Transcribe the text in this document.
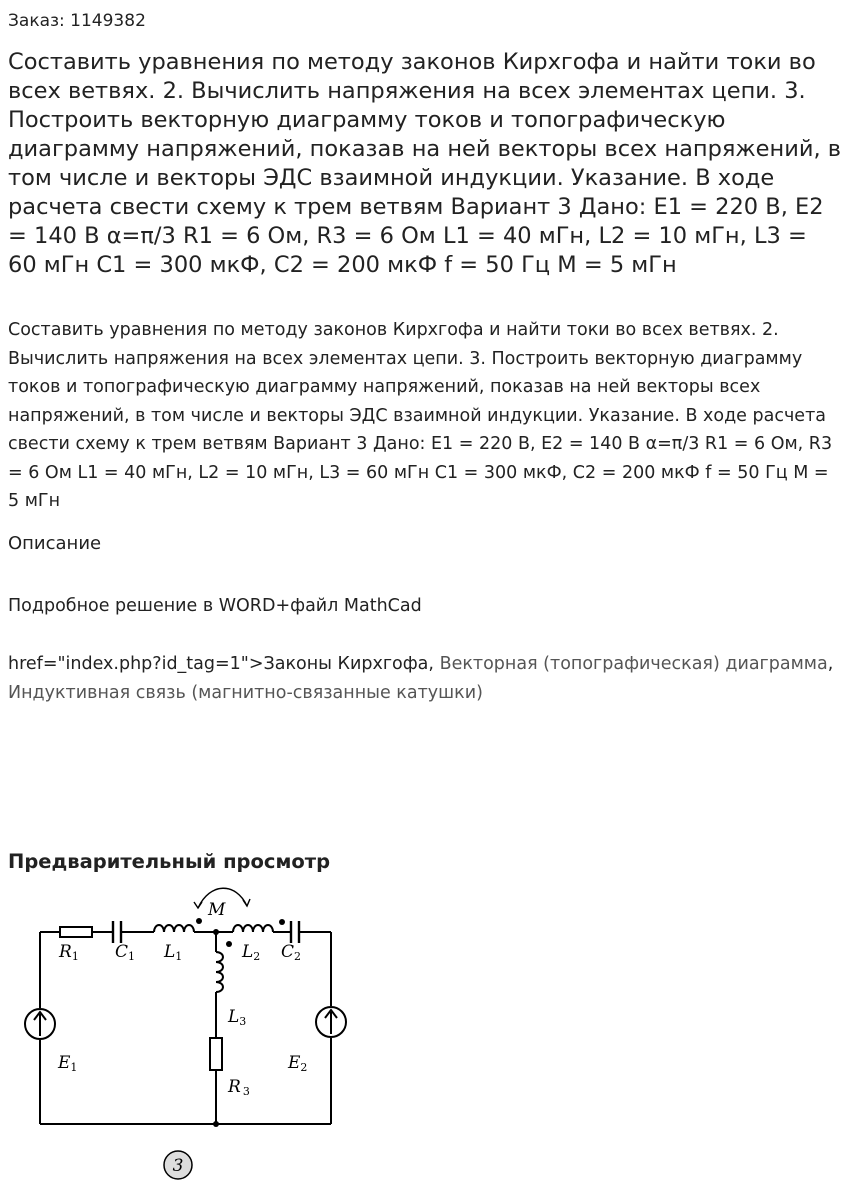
Заказ: 1149382
Составить уравнения по методу законов Кирхгофа и найти токи во всех ветвях. 2. Вычислить напряжения на всех элементах цепи. 3. Построить векторную диаграмму токов и топографическую диаграмму напряжений, показав на ней векторы всех напряжений, в том числе и векторы ЭДС взаимной индукции. Указание. В ходе расчета свести схему к трем ветвям Вариант 3 Дано: E1 = 220 В, E2 = 140 В α=π/3 R1 = 6 Ом, R3 = 6 Ом L1 = 40 мГн, L2 = 10 мГн, L3 = 60 мГн C1 = 300 мкФ, C2 = 200 мкФ f = 50 Гц M = 5 мГн

Составить уравнения по методу законов Кирхгофа и найти токи во всех ветвях. 2. Вычислить напряжения на всех элементах цепи. 3. Построить векторную диаграмму токов и топографическую диаграмму напряжений, показав на ней векторы всех напряжений, в том числе и векторы ЭДС взаимной индукции. Указание. В ходе расчета свести схему к трем ветвям Вариант 3 Дано: E1 = 220 В, E2 = 140 В α=π/3 R1 = 6 Ом, R3 = 6 Ом L1 = 40 мГн, L2 = 10 мГн, L3 = 60 мГн C1 = 300 мкФ, C2 = 200 мкФ f = 50 Гц M = 5 мГн

Описание
Подробное решение в WORD+файл MathCad
href="index.php?id_tag=1">Законы Кирхгофа, Векторная (топографическая) диаграмма, Индуктивная связь (магнитно-связанные катушки)
Предварительный просмотр
R1 C1 L1
M
L2 C2
L3
R 3
E1	E2
3
